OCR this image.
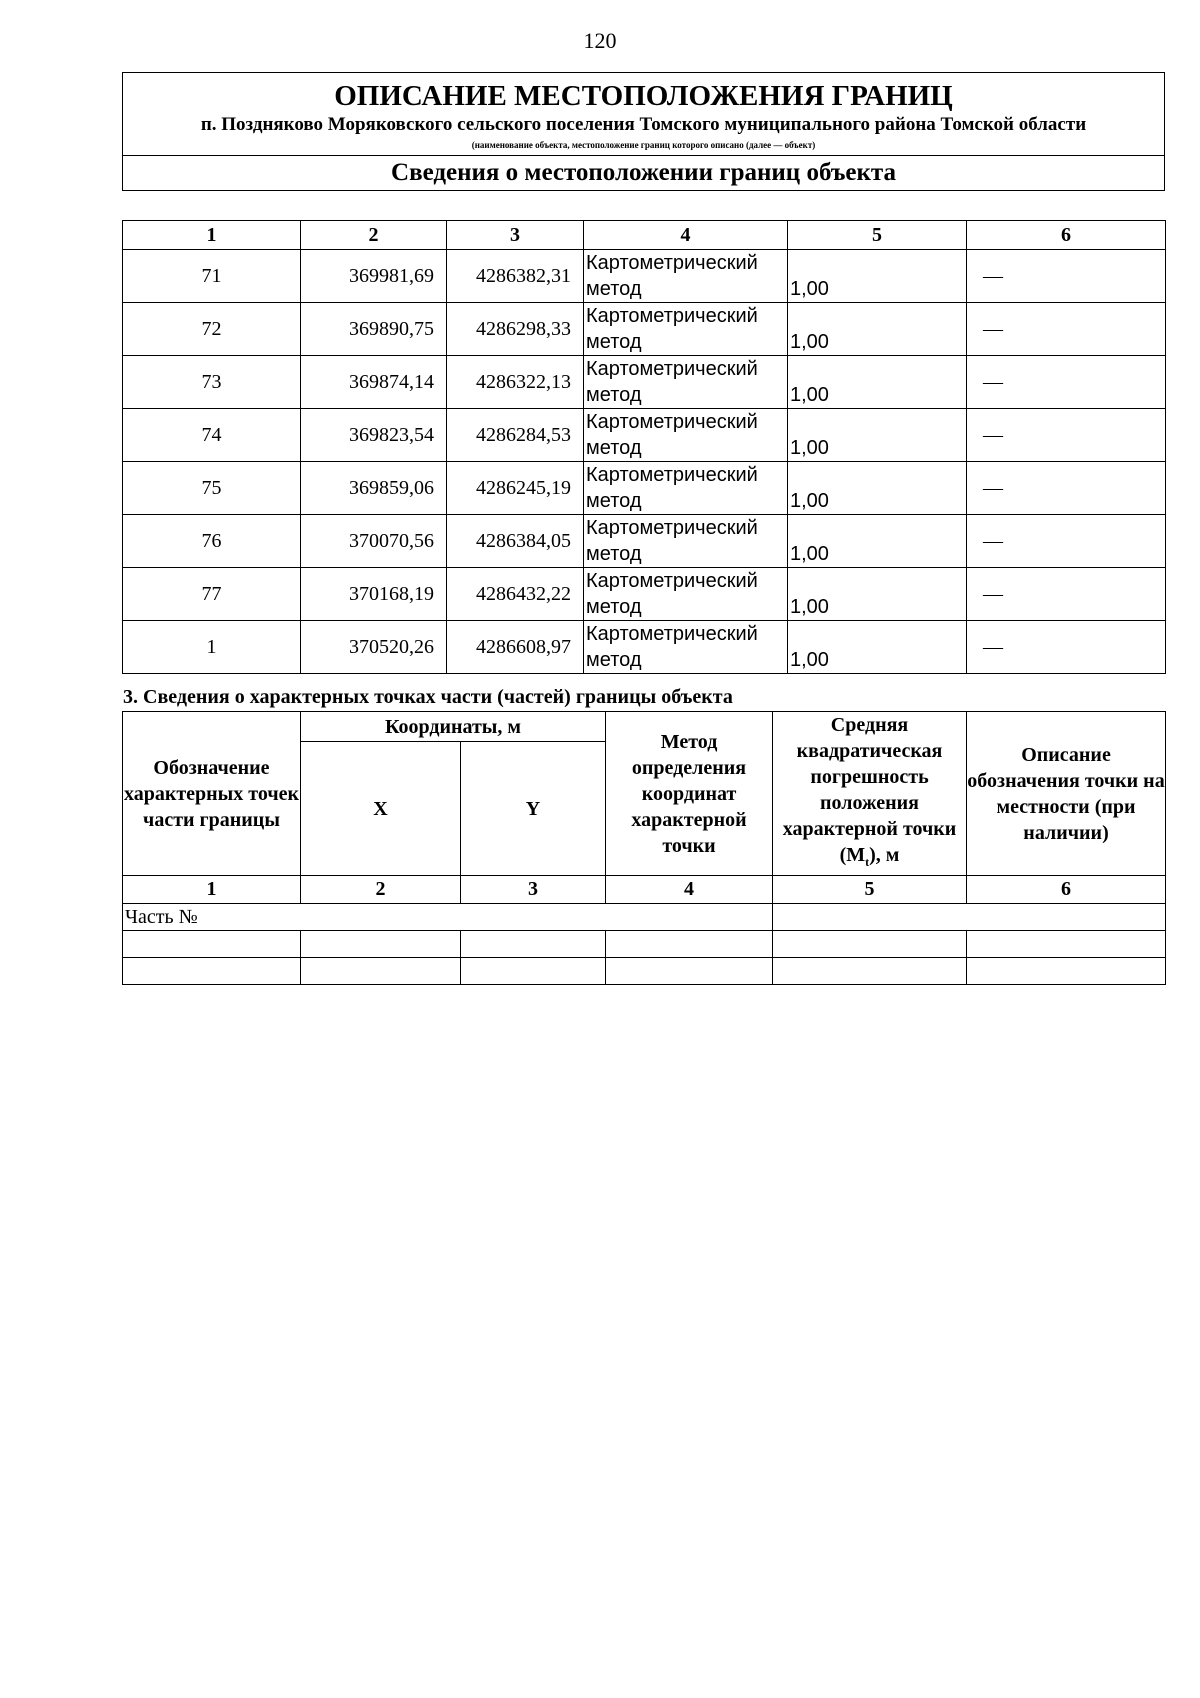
120
ОПИСАНИЕ МЕСТОПОЛОЖЕНИЯ ГРАНИЦ
п. Поздняково Моряковского сельского поселения Томского муниципального района Томской области
(наименование объекта, местоположение границ которого описано (далее — объект)

Сведения о местоположении границ объекта
1	2	3	4	5	6
71	369981,69	4286382,31	Картометрический метод	1,00	—
72	369890,75	4286298,33	Картометрический метод	1,00	—
73	369874,14	4286322,13	Картометрический метод	1,00	—
74	369823,54	4286284,53	Картометрический метод	1,00	—
75	369859,06	4286245,19	Картометрический метод	1,00	—
76	370070,56	4286384,05	Картометрический метод	1,00	—
77	370168,19	4286432,22	Картометрический метод	1,00	—
1	370520,26	4286608,97	Картометрический метод	1,00	—
3. Сведения о характерных точках части (частей) границы объекта
Обозначение характерных точек части границы	Координаты, м		Метод определения координат характерной точки	Средняя квадратическая погрешность положения характерной точки $(M_t)$, м	Описание обозначения точки на местности (при наличии)
	X	Y			
1	2	3	4	5	6
Часть №					
